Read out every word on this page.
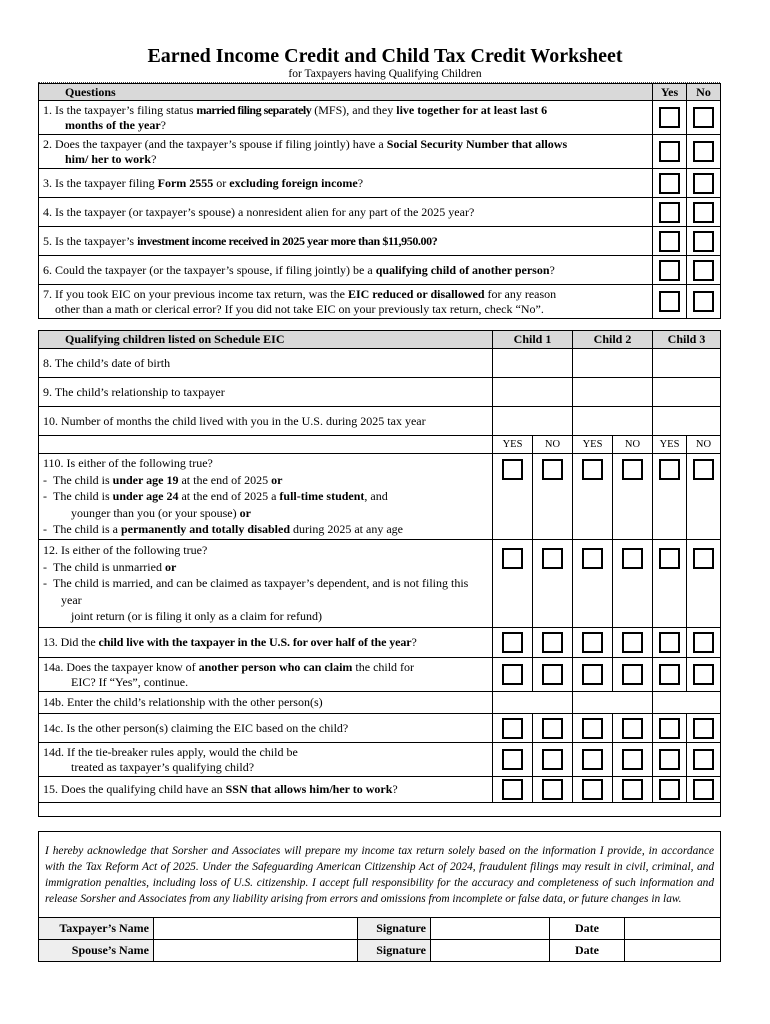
Earned Income Credit and Child Tax Credit Worksheet
for Taxpayers having Qualifying Children
Questions	Yes	No
1. Is the taxpayer’s filing status married filing separately (MFS), and they live together for at least last 6
months of the year?		
2. Does the taxpayer (and the taxpayer’s spouse if filing jointly) have a Social Security Number that allows
him/ her to work?		
3. Is the taxpayer filing Form 2555 or excluding foreign income?		
4. Is the taxpayer (or taxpayer’s spouse) a nonresident alien for any part of the 2025 year?		
5. Is the taxpayer’s investment income received in 2025 year more than $11,950.00?		
6. Could the taxpayer (or the taxpayer’s spouse, if filing jointly) be a qualifying child of another person?		
7. If you took EIC on your previous income tax return, was the EIC reduced or disallowed for any reason
other than a math or clerical error? If you did not take EIC on your previously tax return, check “No”.		
Qualifying children listed on Schedule EIC	Child 1		Child 2		Child 3	
8. The child’s date of birth						
9. The child’s relationship to taxpayer						
10. Number of months the child lived with you in the U.S. during 2025 tax year						
	YES	NO	YES	NO	YES	NO

110. Is either of the following true?
-  The child is under age 19 at the end of 2025 or
-  The child is under age 24 at the end of 2025 a full-time student, and
younger than you (or your spouse) or
-  The child is a permanently and totally disabled during 2025 at any age						

12. Is either of the following true?
-  The child is unmarried or
-  The child is married, and can be claimed as taxpayer’s dependent, and is not filing this year
joint return (or is filing it only as a claim for refund)						

13. Did the child live with the taxpayer in the U.S. for over half of the year?						
14a. Does the taxpayer know of another person who can claim the child for
EIC? If “Yes”, continue.						
14b. Enter the child’s relationship with the other person(s)						
14c. Is the other person(s) claiming the EIC based on the child?						
14d. If the tie-breaker rules apply, would the child be
treated as taxpayer’s qualifying child?						
15. Does the qualifying child have an SSN that allows him/her to work?						

I hereby acknowledge that Sorsher and Associates will prepare my income tax return solely based on the information I provide, in accordance with the Tax Reform Act of 2025. Under the Safeguarding American Citizenship Act of 2024, fraudulent filings may result in civil, criminal, and immigration penalties, including loss of U.S. citizenship. I accept full responsibility for the accuracy and completeness of such information and release Sorsher and Associates from any liability arising from errors and omissions from incomplete or false data, or future changes in law.					
Taxpayer’s Name		Signature		Date	
Spouse’s Name		Signature		Date	
